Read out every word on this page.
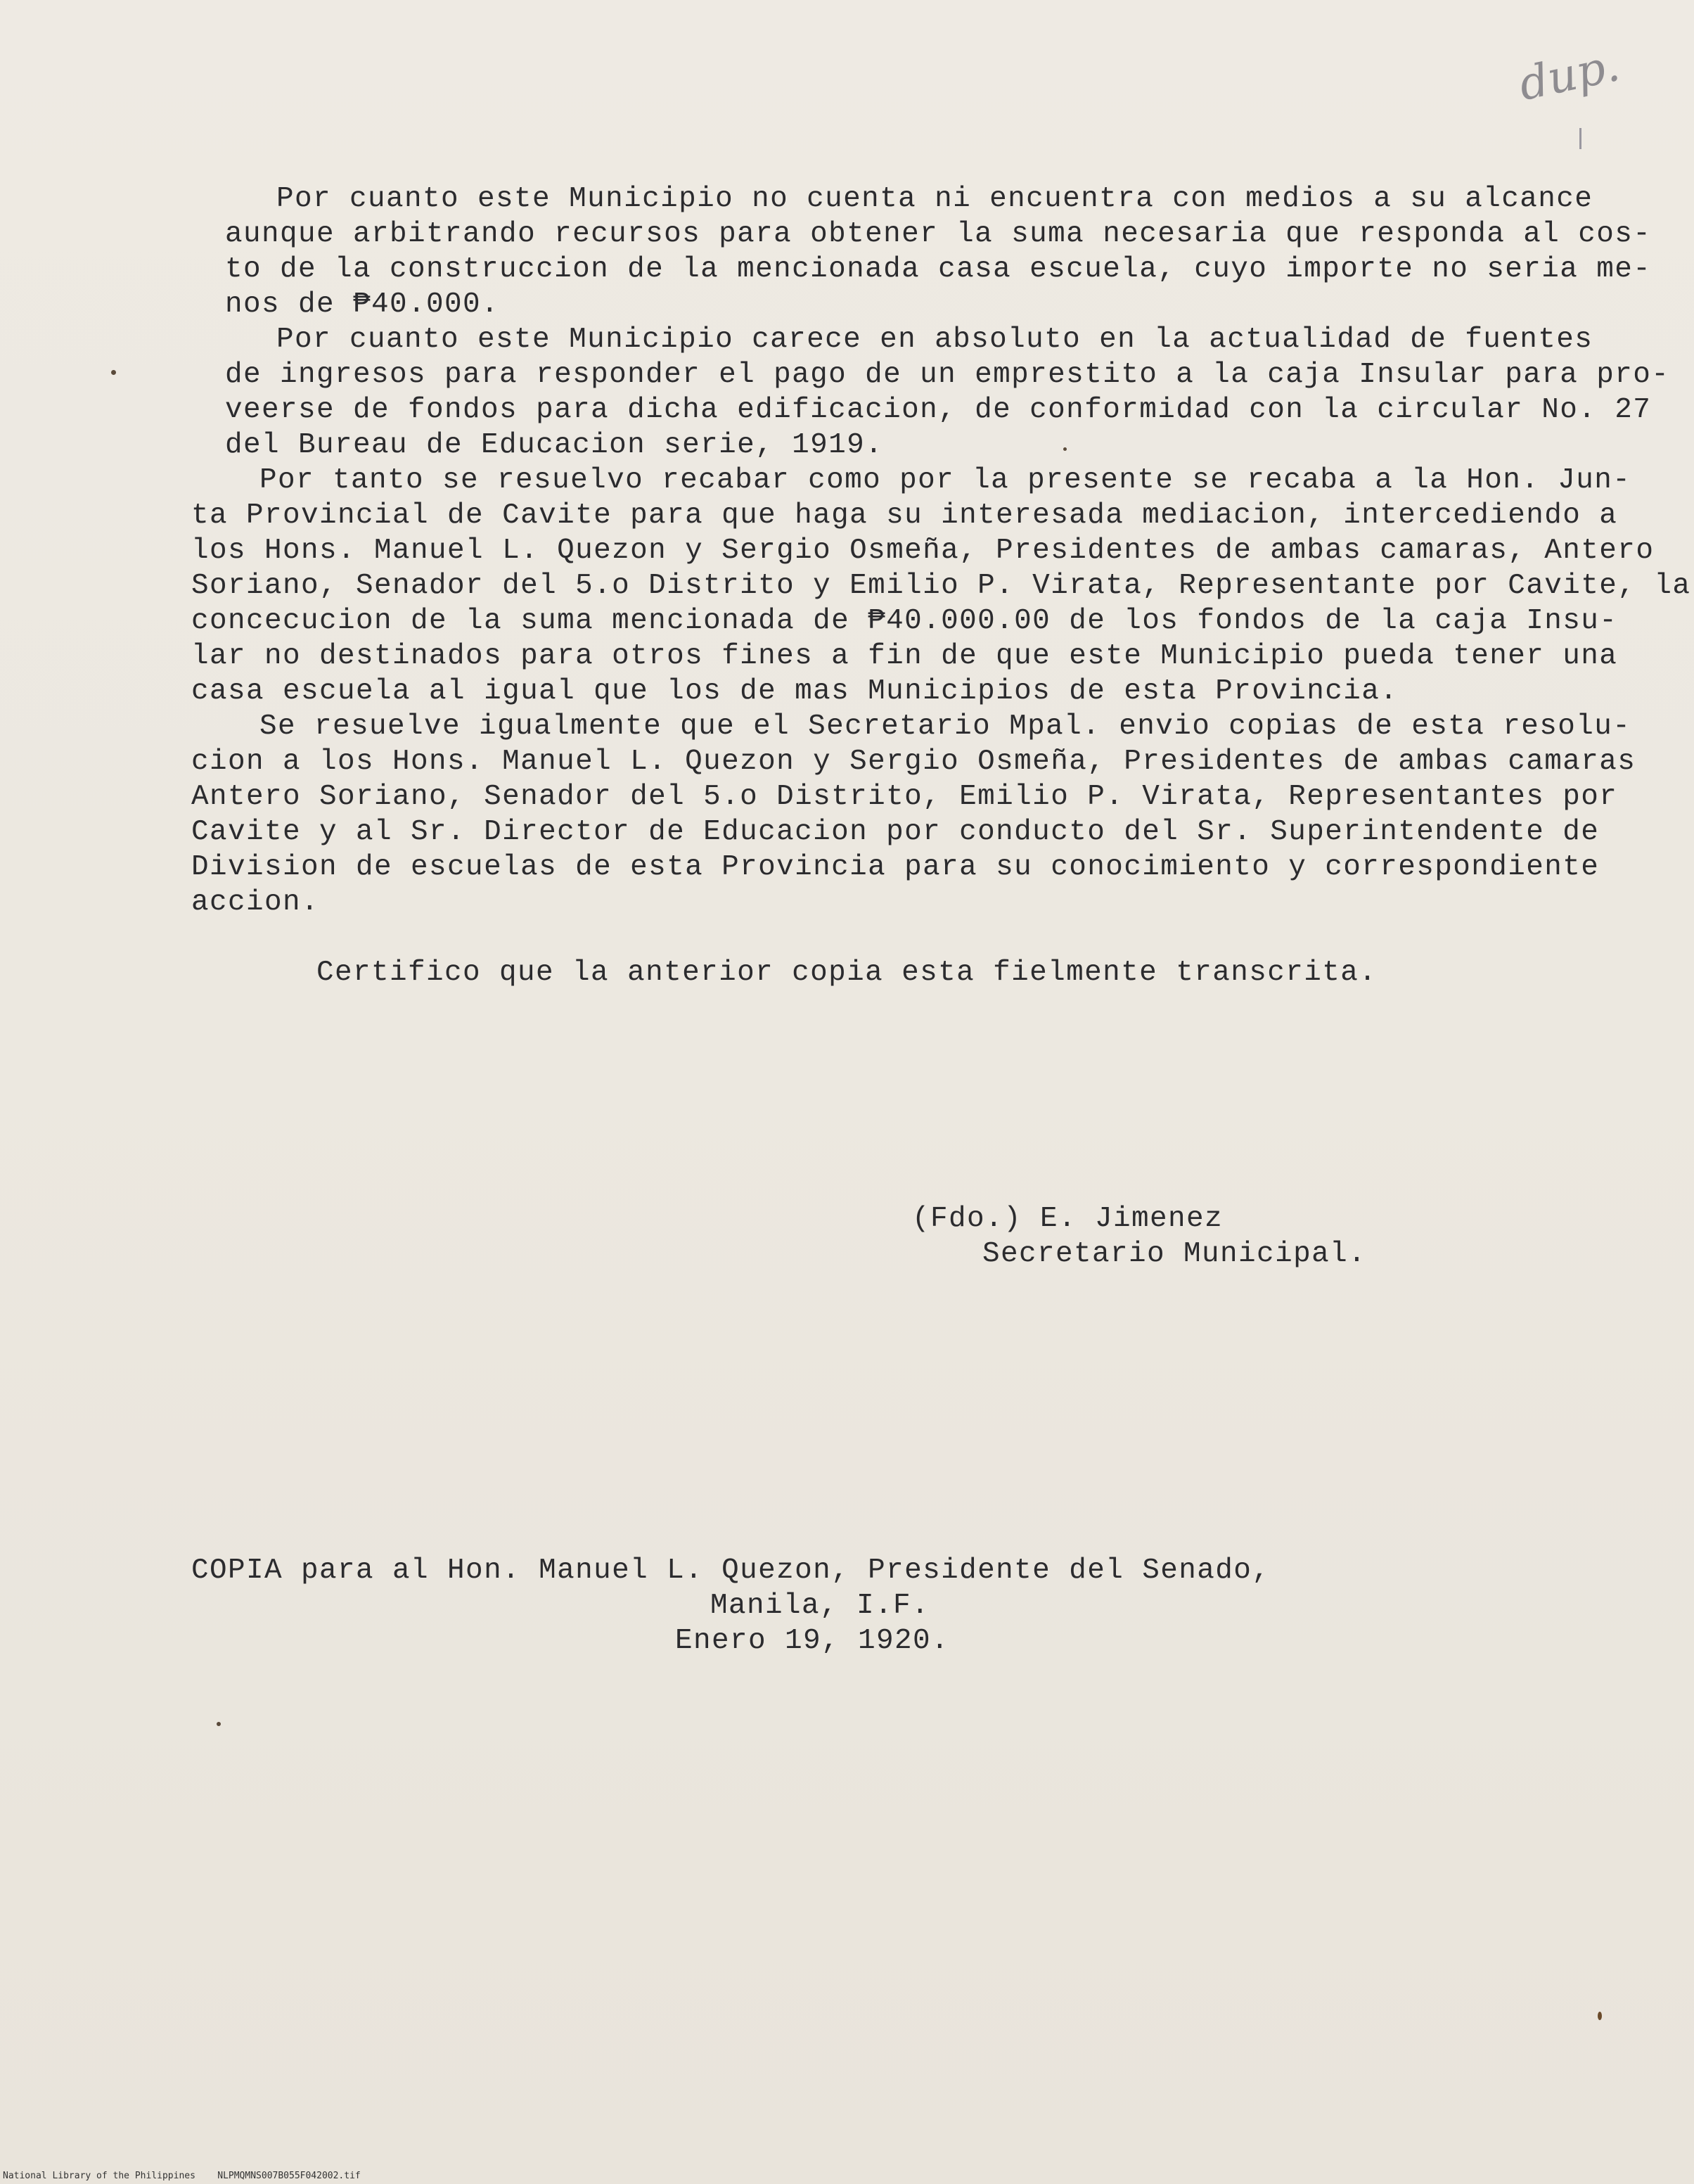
dup.
Por cuanto este Municipio no cuenta ni encuentra con medios a su alcance
aunque arbitrando recursos para obtener la suma necesaria que responda al cos-
to de la construccion de la mencionada casa escuela, cuyo importe no seria me-
nos de ₱40.000.
Por cuanto este Municipio carece en absoluto en la actualidad de fuentes
de ingresos para responder el pago de un emprestito a la caja Insular para pro-
veerse de fondos para dicha edificacion, de conformidad con la circular No. 27
del Bureau de Educacion serie, 1919.
Por tanto se resuelvo recabar como por la presente se recaba a la Hon. Jun-
ta Provincial de Cavite para que haga su interesada mediacion, intercediendo a
los Hons. Manuel L. Quezon y Sergio Osmeña, Presidentes de ambas camaras, Antero
Soriano, Senador del 5.o Distrito y Emilio P. Virata, Representante por Cavite, la
concecucion de la suma mencionada de ₱40.000.00 de los fondos de la caja Insu-
lar no destinados para otros fines a fin de que este Municipio pueda tener una
casa escuela al igual que los de mas Municipios de esta Provincia.
Se resuelve igualmente que el Secretario Mpal. envio copias de esta resolu-
cion a los Hons. Manuel L. Quezon y Sergio Osmeña, Presidentes de ambas camaras
Antero Soriano, Senador del 5.o Distrito, Emilio P. Virata, Representantes por
Cavite y al Sr. Director de Educacion por conducto del Sr. Superintendente de
Division de escuelas de esta Provincia para su conocimiento y correspondiente
accion.
Certifico que la anterior copia esta fielmente transcrita.
(Fdo.) E. Jimenez
Secretario Municipal.
COPIA para al Hon. Manuel L. Quezon, Presidente del Senado,
Manila, I.F.
Enero 19, 1920.
National Library of the Philippines NLPMQMNS007B055F042002.tif
